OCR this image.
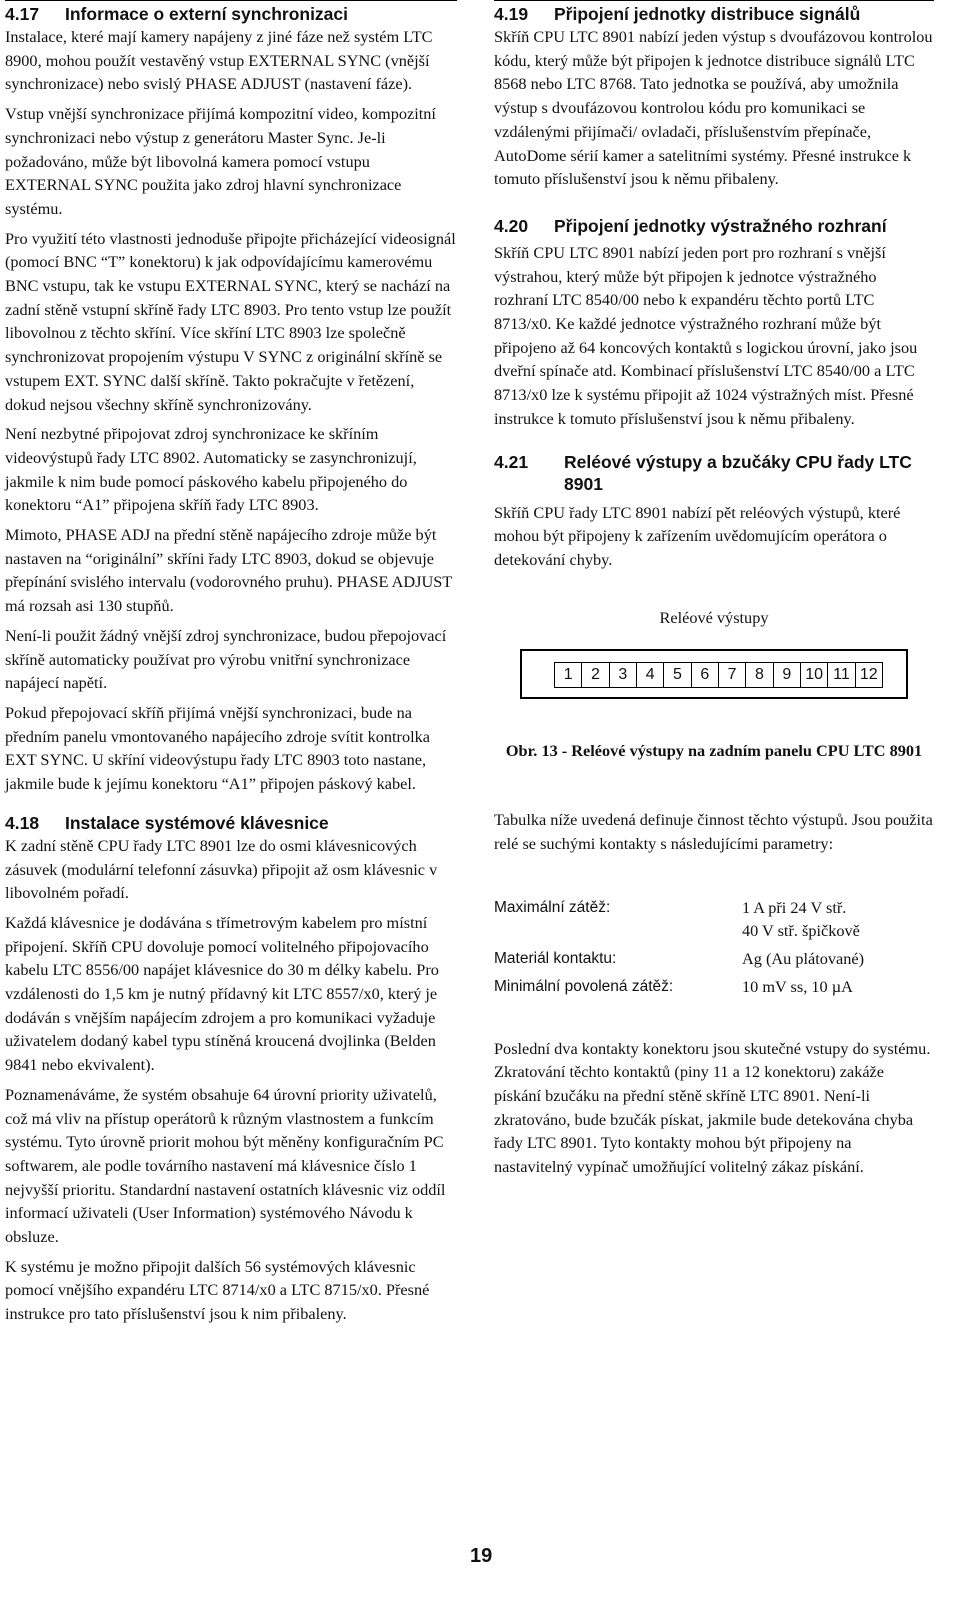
4.17 Informace o externí synchronizaci

Instalace, které mají kamery napájeny z jiné fáze než systém LTC 8900, mohou použít vestavěný vstup EXTERNAL SYNC (vnější synchronizace) nebo svislý PHASE ADJUST (nastavení fáze).

Vstup vnější synchronizace přijímá kompozitní video, kompozitní synchronizaci nebo výstup z generátoru Master Sync. Je-li požadováno, může být libovolná kamera pomocí vstupu EXTERNAL SYNC použita jako zdroj hlavní synchronizace systému.

Pro využití této vlastnosti jednoduše připojte přicházející videosignál (pomocí BNC “T” konektoru) k jak odpovídajícímu kamerovému BNC vstupu, tak ke vstupu EXTERNAL SYNC, který se nachází na zadní stěně vstupní skříně řady LTC 8903. Pro tento vstup lze použít libovolnou z těchto skříní. Více skříní LTC 8903 lze společně synchronizovat propojením výstupu V SYNC z originální skříně se vstupem EXT. SYNC další skříně. Takto pokračujte v řetězení, dokud nejsou všechny skříně synchronizovány.

Není nezbytné připojovat zdroj synchronizace ke skříním videovýstupů řady LTC 8902. Automaticky se zasynchronizují, jakmile k nim bude pomocí páskového kabelu připojeného do konektoru “A1” připojena skříň řady LTC 8903.

Mimoto, PHASE ADJ na přední stěně napájecího zdroje může být nastaven na “originální” skříni řady LTC 8903, dokud se objevuje přepínání svislého intervalu (vodorovného pruhu). PHASE ADJUST má rozsah asi 130 stupňů.

Není-li použit žádný vnější zdroj synchronizace, budou přepojovací skříně automaticky používat pro výrobu vnitřní synchronizace napájecí napětí.

Pokud přepojovací skříň přijímá vnější synchronizaci, bude na předním panelu vmontovaného napájecího zdroje svítit kontrolka EXT SYNC. U skříní videovýstupu řady LTC 8903 toto nastane, jakmile bude k jejímu konektoru “A1” připojen páskový kabel.

4.18 Instalace systémové klávesnice

K zadní stěně CPU řady LTC 8901 lze do osmi klávesnicových zásuvek (modulární telefonní zásuvka) připojit až osm klávesnic v libovolném pořadí.

Každá klávesnice je dodávána s třímetrovým kabelem pro místní připojení. Skříň CPU dovoluje pomocí volitelného připojovacího kabelu LTC 8556/00 napájet klávesnice do 30 m délky kabelu. Pro vzdálenosti do 1,5 km je nutný přídavný kit LTC 8557/x0, který je dodáván s vnějším napájecím zdrojem a pro komunikaci vyžaduje uživatelem dodaný kabel typu stíněná kroucená dvojlinka (Belden 9841 nebo ekvivalent).

Poznamenáváme, že systém obsahuje 64 úrovní priority uživatelů, což má vliv na přístup operátorů k různým vlastnostem a funkcím systému. Tyto úrovně priorit mohou být měněny konfiguračním PC softwarem, ale podle továrního nastavení má klávesnice číslo 1 nejvyšší prioritu. Standardní nastavení ostatních klávesnic viz oddíl informací uživateli (User Information) systémového Návodu k obsluze.

K systému je možno připojit dalších 56 systémových klávesnic pomocí vnějšího expandéru LTC 8714/x0 a LTC 8715/x0. Přesné instrukce pro tato příslušenství jsou k nim přibaleny.

4.19 Připojení jednotky distribuce signálů

Skříň CPU LTC 8901 nabízí jeden výstup s dvoufázovou kontrolou kódu, který může být připojen k jednotce distribuce signálů LTC 8568 nebo LTC 8768. Tato jednotka se používá, aby umožnila výstup s dvoufázovou kontrolou kódu pro komunikaci se vzdálenými přijímači/ ovladači, příslušenstvím přepínače, AutoDome sérií kamer a satelitními systémy. Přesné instrukce k tomuto příslušenství jsou k němu přibaleny.

4.20 Připojení jednotky výstražného rozhraní

Skříň CPU LTC 8901 nabízí jeden port pro rozhraní s vnější výstrahou, který může být připojen k jednotce výstražného rozhraní LTC 8540/00 nebo k expandéru těchto portů LTC 8713/x0. Ke každé jednotce výstražného rozhraní může být připojeno až 64 koncových kontaktů s logickou úrovní, jako jsou dveřní spínače atd. Kombinací příslušenství LTC 8540/00 a LTC 8713/x0 lze k systému připojit až 1024 výstražných míst. Přesné instrukce k tomuto příslušenství jsou k němu přibaleny.

4.21 Reléové výstupy a bzučáky CPU řady LTC 8901

Skříň CPU řady LTC 8901 nabízí pět reléových výstupů, které mohou být připojeny k zařízením uvědomujícím operátora o detekování chyby.

Reléové výstupy

1	2	3	4	5	6	7	8	9 10 11 12

Obr. 13 - Reléové výstupy na zadním panelu CPU LTC 8901

Tabulka níže uvedená definuje činnost těchto výstupů. Jsou použita relé se suchými kontakty s následujícími parametry:

Maximální zátěž:	1 A při 24 V stř.
40 V stř. špičkově

Materiál kontaktu:	Ag (Au plátované)
Minimální povolená zátěž:	10 mV ss, 10 µA

Poslední dva kontakty konektoru jsou skutečné vstupy do systému. Zkratování těchto kontaktů (piny 11 a 12 konektoru) zakáže pískání bzučáku na přední stěně skříně LTC 8901. Není-li zkratováno, bude bzučák pískat, jakmile bude detekována chyba řady LTC 8901. Tyto kontakty mohou být připojeny na nastavitelný vypínač umožňující volitelný zákaz pískání.

19
